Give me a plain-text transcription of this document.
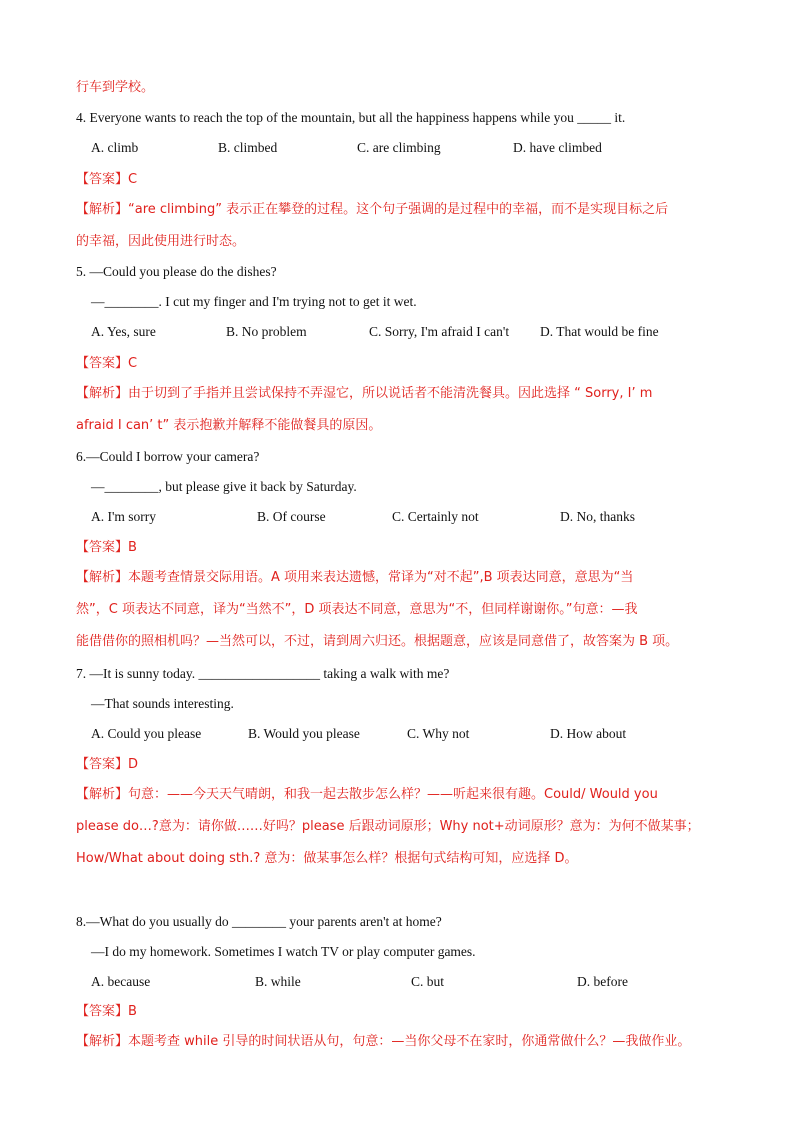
行车到学校。
4. Everyone wants to reach the top of the mountain, but all the happiness happens while you _____ it.
A. climb	B. climbed	C. are climbing	D. have climbed
【答案】C
【解析】“are climbing” 表示正在攀登的过程。这个句子强调的是过程中的幸福，而不是实现目标之后
的幸福，因此使用进行时态。
5. —Could you please do the dishes?
—________. I cut my finger and I'm trying not to get it wet.
A. Yes, sure	B. No problem	C. Sorry, I'm afraid I can't D. That would be fine
【答案】C
【解析】由于切到了手指并且尝试保持不弄湿它，所以说话者不能清洗餐具。因此选择 “ Sorry, I’ m
afraid I can’ t” 表示抱歉并解释不能做餐具的原因。
6.—Could I borrow your camera?
—________, but please give it back by Saturday.
A. I'm sorry	B. Of course	C. Certainly not	D. No, thanks
【答案】B
【解析】本题考查情景交际用语。A 项用来表达遗憾，常译为“对不起”,B 项表达同意，意思为“当
然”，C 项表达不同意，译为“当然不”，D 项表达不同意，意思为“不，但同样谢谢你。”句意：—我
能借借你的照相机吗？—当然可以，不过，请到周六归还。根据题意，应该是同意借了，故答案为 B 项。
7. —It is sunny today. __________________ taking a walk with me?
—That sounds interesting.
A. Could you please	B. Would you please	C. Why not	D. How about
【答案】D
【解析】句意：——今天天气晴朗，和我一起去散步怎么样？——听起来很有趣。Could/ Would you
please do…?意为：请你做……好吗？please 后跟动词原形；Why not+动词原形？意为：为何不做某事；
How/What about doing sth.? 意为：做某事怎么样？根据句式结构可知，应选择 D。
8.—What do you usually do ________ your parents aren't at home?
—I do my homework. Sometimes I watch TV or play computer games.
A. because	B. while	C. but	D. before
【答案】B
【解析】本题考查 while 引导的时间状语从句，句意：—当你父母不在家时，你通常做什么？—我做作业。
